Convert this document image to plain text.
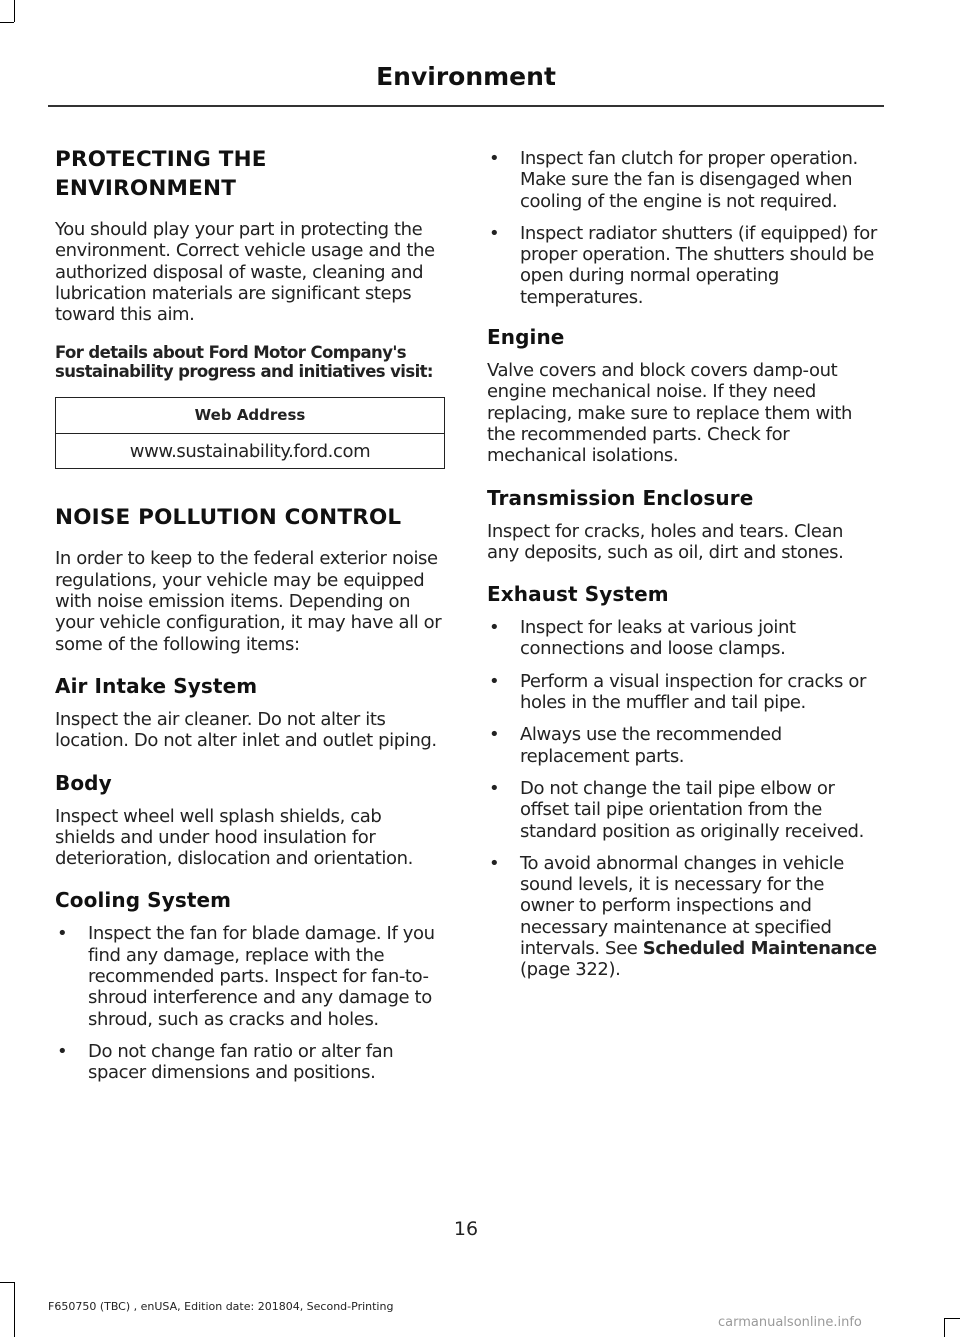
Environment
PROTECTING THE
ENVIRONMENT

You should play your part in protecting the environment. Correct vehicle usage and the authorized disposal of waste, cleaning and lubrication materials are significant steps toward this aim.

For details about Ford Motor Company's sustainability progress and initiatives visit:

Web Address
www.sustainability.ford.com
NOISE POLLUTION CONTROL

In order to keep to the federal exterior noise regulations, your vehicle may be equipped with noise emission items. Depending on your vehicle configuration, it may have all or some of the following items:

Air Intake System

Inspect the air cleaner. Do not alter its location. Do not alter inlet and outlet piping.

Body

Inspect wheel well splash shields, cab shields and under hood insulation for deterioration, dislocation and orientation.

Cooling System
• Inspect the fan for blade damage. If you find any damage, replace with the recommended parts. Inspect for fan-to-shroud interference and any damage to shroud, such as cracks and holes.
• Do not change fan ratio or alter fan spacer dimensions and positions.
• Inspect fan clutch for proper operation. Make sure the fan is disengaged when cooling of the engine is not required.
• Inspect radiator shutters (if equipped) for proper operation. The shutters should be open during normal operating temperatures.
Engine

Valve covers and block covers damp-out engine mechanical noise. If they need replacing, make sure to replace them with the recommended parts. Check for mechanical isolations.

Transmission Enclosure

Inspect for cracks, holes and tears. Clean any deposits, such as oil, dirt and stones.

Exhaust System
• Inspect for leaks at various joint connections and loose clamps.
• Perform a visual inspection for cracks or holes in the muffler and tail pipe.
• Always use the recommended replacement parts.
• Do not change the tail pipe elbow or offset tail pipe orientation from the standard position as originally received.
• To avoid abnormal changes in vehicle sound levels, it is necessary for the owner to perform inspections and necessary maintenance at specified intervals. See Scheduled Maintenance (page 322).
16
F650750 (TBC) , enUSA, Edition date: 201804, Second-Printing
carmanualsonline.info
